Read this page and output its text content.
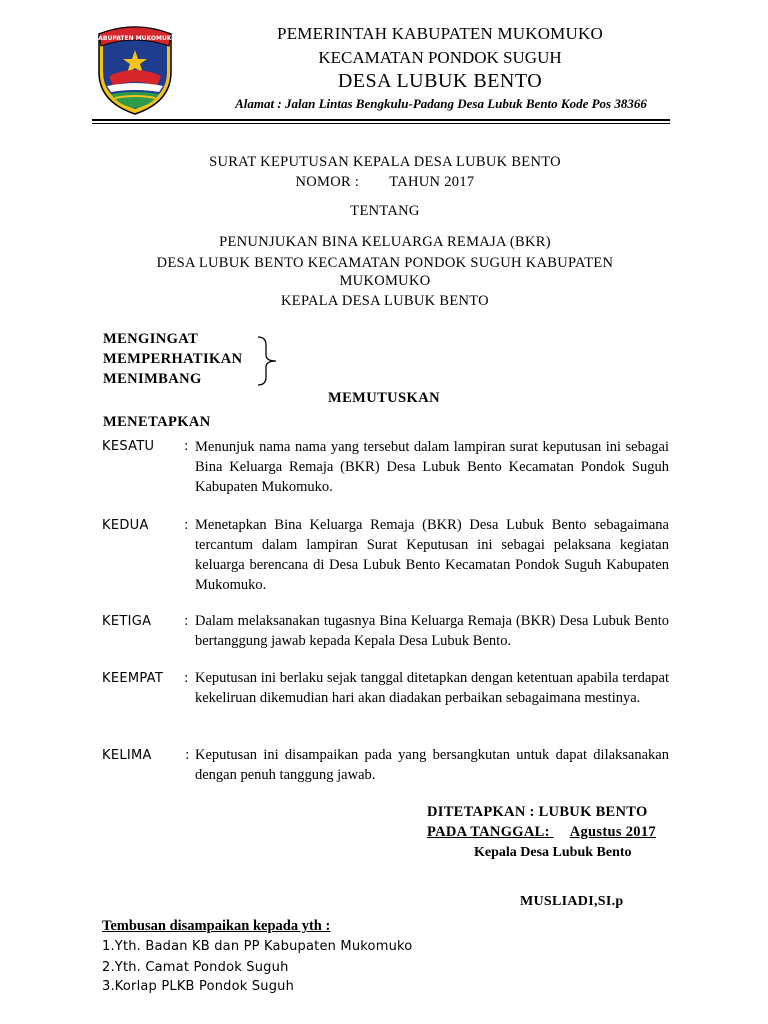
KABUPATEN MUKOMUKO	PEMERINTAH KABUPATEN MUKOMUKO
KECAMATAN PONDOK SUGUH
DESA LUBUK BENTO
Alamat : Jalan Lintas Bengkulu-Padang Desa Lubuk Bento Kode Pos 38366
SURAT KEPUTUSAN KEPALA DESA LUBUK BENTO
NOMOR : TAHUN 2017
TENTANG
PENUNJUKAN BINA KELUARGA REMAJA (BKR)
DESA LUBUK BENTO KECAMATAN PONDOK SUGUH KABUPATEN
MUKOMUKO
KEPALA DESA LUBUK BENTO
MENGINGAT
MEMPERHATIKAN
MENIMBANG
MEMUTUSKAN
MENETAPKAN
KESATU : Menunjuk nama nama yang tersebut dalam lampiran surat keputusan ini sebagai Bina Keluarga Remaja (BKR) Desa Lubuk Bento Kecamatan Pondok Suguh Kabupaten Mukomuko.
KEDUA	: Menetapkan Bina Keluarga Remaja (BKR) Desa Lubuk Bento sebagaimana tercantum dalam lampiran Surat Keputusan ini sebagai pelaksana kegiatan keluarga berencana di Desa Lubuk Bento Kecamatan Pondok Suguh Kabupaten Mukomuko.
KETIGA	: Dalam melaksanakan tugasnya Bina Keluarga Remaja (BKR) Desa Lubuk Bento bertanggung jawab kepada Kepala Desa Lubuk Bento.
KEEMPAT : Keputusan ini berlaku sejak tanggal ditetapkan dengan ketentuan apabila terdapat kekeliruan dikemudian hari akan diadakan perbaikan sebagaimana mestinya.
KELIMA	: Keputusan ini disampaikan pada yang bersangkutan untuk dapat dilaksanakan dengan penuh tanggung jawab.
DITETAPKAN : LUBUK BENTO
PADA TANGGAL: Agustus 2017
Kepala Desa Lubuk Bento
MUSLIADI,SI.p
Tembusan disampaikan kepada yth :
1.Yth. Badan KB dan PP Kabupaten Mukomuko
2.Yth. Camat Pondok Suguh
3.Korlap PLKB Pondok Suguh
